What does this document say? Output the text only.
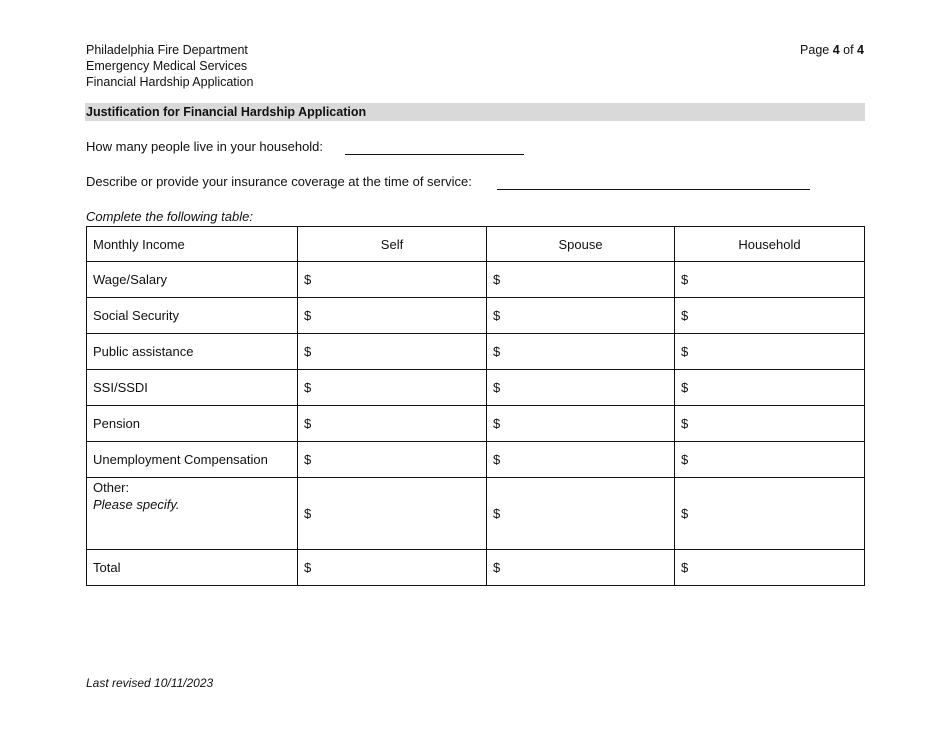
Philadelphia Fire Department
Emergency Medical Services
Financial Hardship Application
Page 4 of 4
Justification for Financial Hardship Application
How many people live in your household:
Describe or provide your insurance coverage at the time of service:
Complete the following table:
Monthly Income	Self	Spouse	Household
Wage/Salary	$	$	$
Social Security	$	$	$
Public assistance	$	$	$
SSI/SSDI	$	$	$
Pension	$	$	$
Unemployment Compensation	$	$	$

Other:
Please specify.	$	$	$
Total	$	$	$
Last revised 10/11/2023
